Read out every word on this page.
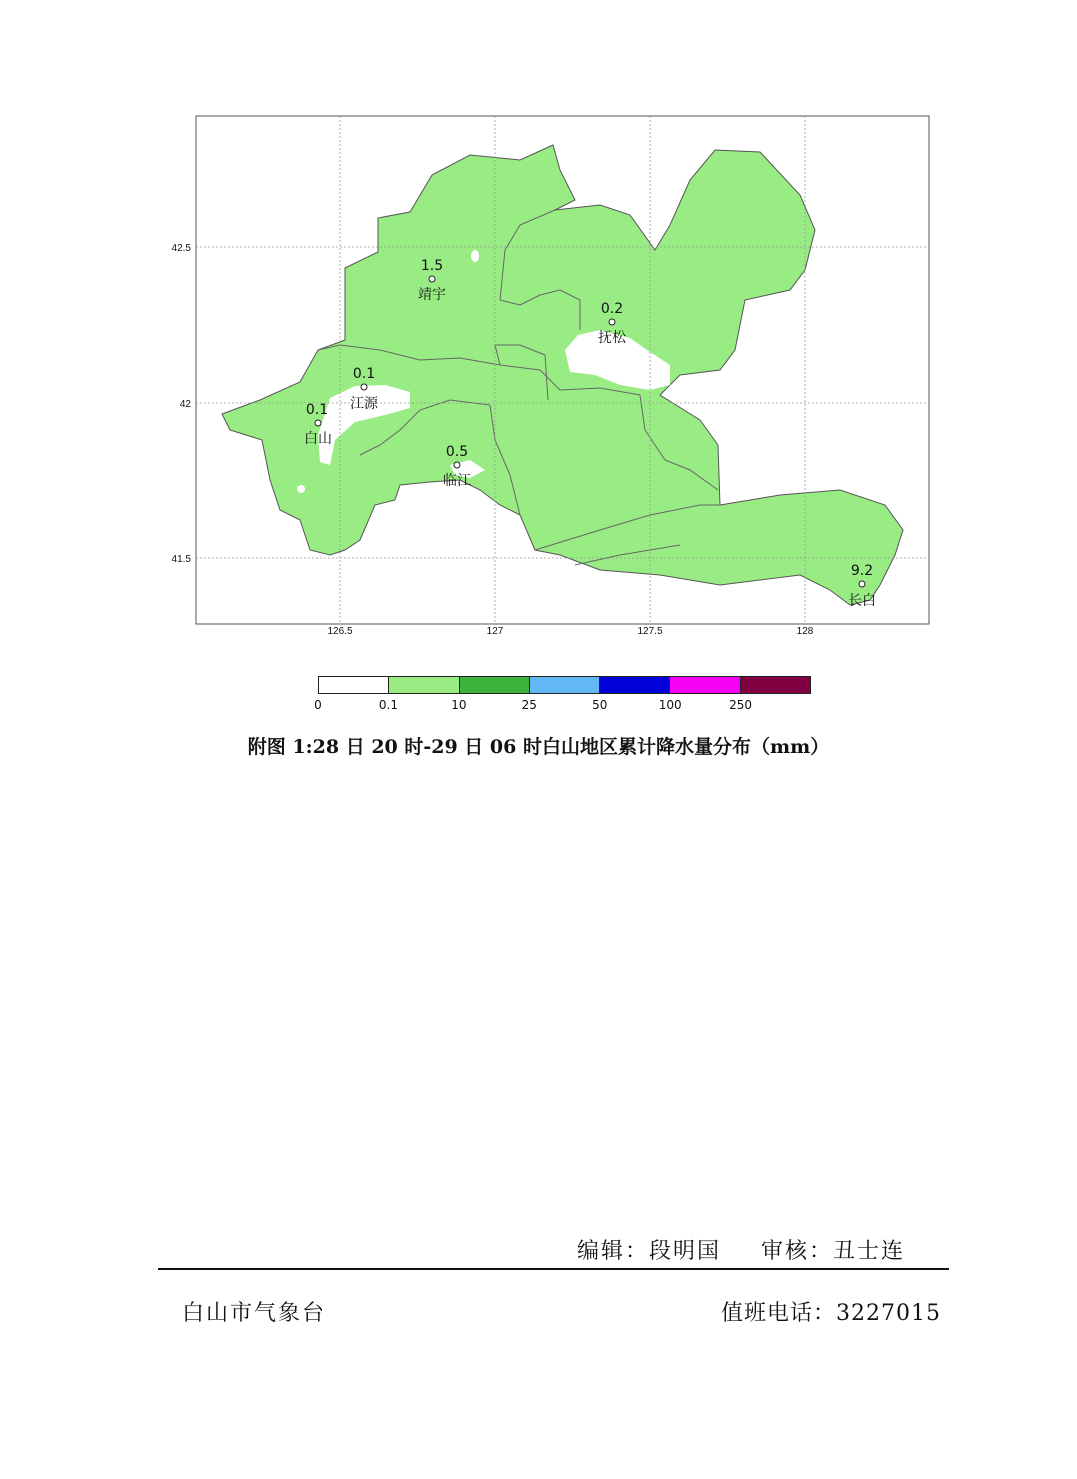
42.5
42
41.5
126.5	127	127.5	128
1.5
靖宇
0.2
抚松
0.1
江源
0.1
白山
0.5
临江
9.2
长白
0	0.1	10	25	50	100	250
附图 1:28 日 20 时-29 日 06 时白山地区累计降水量分布（mm）
编辑：段明国 审核：丑士连
白山市气象台	值班电话：3227015
